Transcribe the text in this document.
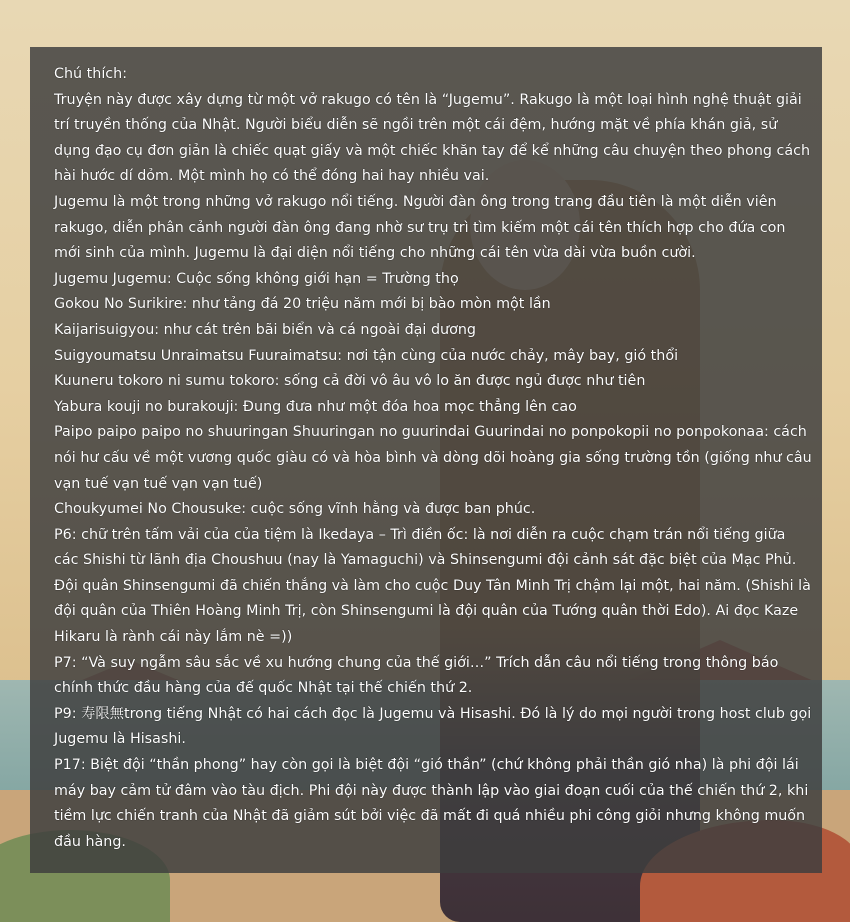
Chú thích:

Truyện này được xây dựng từ một vở rakugo có tên là “Jugemu”. Rakugo là một loại hình nghệ thuật giải trí truyền thống của Nhật. Người biểu diễn sẽ ngồi trên một cái đệm, hướng mặt về phía khán giả, sử dụng đạo cụ đơn giản là chiếc quạt giấy và một chiếc khăn tay để kể những câu chuyện theo phong cách hài hước dí dỏm. Một mình họ có thể đóng hai hay nhiều vai.

Jugemu là một trong những vở rakugo nổi tiếng. Người đàn ông trong trang đầu tiên là một diễn viên rakugo, diễn phân cảnh người đàn ông đang nhờ sư trụ trì tìm kiếm một cái tên thích hợp cho đứa con mới sinh của mình. Jugemu là đại diện nổi tiếng cho những cái tên vừa dài vừa buồn cười.

Jugemu Jugemu: Cuộc sống không giới hạn = Trường thọ

Gokou No Surikire: như tảng đá 20 triệu năm mới bị bào mòn một lần

Kaijarisuigyou: như cát trên bãi biển và cá ngoài đại dương

Suigyoumatsu Unraimatsu Fuuraimatsu: nơi tận cùng của nước chảy, mây bay, gió thổi

Kuuneru tokoro ni sumu tokoro: sống cả đời vô âu vô lo ăn được ngủ được như tiên

Yabura kouji no burakouji: Đung đưa như một đóa hoa mọc thẳng lên cao

Paipo paipo paipo no shuuringan Shuuringan no guurindai Guurindai no ponpokopii no ponpokonaa: cách nói hư cấu về một vương quốc giàu có và hòa bình và dòng dõi hoàng gia sống trường tồn (giống như câu vạn tuế vạn tuế vạn vạn tuế)

Choukyumei No Chousuke: cuộc sống vĩnh hằng và được ban phúc.

P6: chữ trên tấm vải của của tiệm là Ikedaya – Trì điền ốc: là nơi diễn ra cuộc chạm trán nổi tiếng giữa các Shishi từ lãnh địa Choushuu (nay là Yamaguchi) và Shinsengumi đội cảnh sát đặc biệt của Mạc Phủ. Đội quân Shinsengumi đã chiến thắng và làm cho cuộc Duy Tân Minh Trị chậm lại một, hai năm. (Shishi là đội quân của Thiên Hoàng Minh Trị, còn Shinsengumi là đội quân của Tướng quân thời Edo). Ai đọc Kaze Hikaru là rành cái này lắm nè =))

P7: “Và suy ngẫm sâu sắc về xu hướng chung của thế giới…” Trích dẫn câu nổi tiếng trong thông báo chính thức đầu hàng của đế quốc Nhật tại thế chiến thứ 2.

P9: 寿限無trong tiếng Nhật có hai cách đọc là Jugemu và Hisashi. Đó là lý do mọi người trong host club gọi Jugemu là Hisashi.

P17: Biệt đội “thần phong” hay còn gọi là biệt đội “gió thần” (chứ không phải thần gió nha) là phi đội lái máy bay cảm tử đâm vào tàu địch. Phi đội này được thành lập vào giai đoạn cuối của thế chiến thứ 2, khi tiềm lực chiến tranh của Nhật đã giảm sút bởi việc đã mất đi quá nhiều phi công giỏi nhưng không muốn đầu hàng.
